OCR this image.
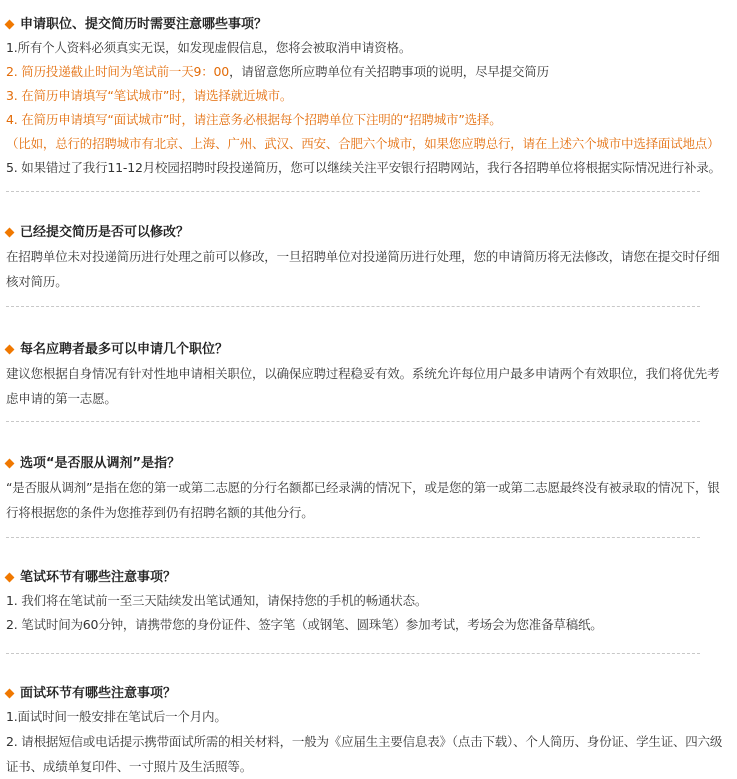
申请职位、提交简历时需要注意哪些事项？
1.所有个人资料必须真实无误，如发现虚假信息，您将会被取消申请资格。
2. 简历投递截止时间为笔试前一天9：00，请留意您所应聘单位有关招聘事项的说明，尽早提交简历
3. 在简历申请填写“笔试城市”时，请选择就近城市。
4. 在简历申请填写“面试城市”时，请注意务必根据每个招聘单位下注明的“招聘城市”选择。
（比如，总行的招聘城市有北京、上海、广州、武汉、西安、合肥六个城市，如果您应聘总行，请在上述六个城市中选择面试地点）
5. 如果错过了我行11-12月校园招聘时段投递简历，您可以继续关注平安银行招聘网站，我行各招聘单位将根据实际情况进行补录。
已经提交简历是否可以修改？
在招聘单位未对投递简历进行处理之前可以修改，一旦招聘单位对投递简历进行处理，您的申请简历将无法修改，请您在提交时仔细核对简历。
每名应聘者最多可以申请几个职位？
建议您根据自身情况有针对性地申请相关职位，以确保应聘过程稳妥有效。系统允许每位用户最多申请两个有效职位，我们将优先考虑申请的第一志愿。
选项“是否服从调剂”是指？
“是否服从调剂”是指在您的第一或第二志愿的分行名额都已经录满的情况下，或是您的第一或第二志愿最终没有被录取的情况下，银行将根据您的条件为您推荐到仍有招聘名额的其他分行。
笔试环节有哪些注意事项？
1. 我们将在笔试前一至三天陆续发出笔试通知，请保持您的手机的畅通状态。
2. 笔试时间为60分钟，请携带您的身份证件、签字笔（或钢笔、圆珠笔）参加考试，考场会为您准备草稿纸。
面试环节有哪些注意事项？
1.面试时间一般安排在笔试后一个月内。
2. 请根据短信或电话提示携带面试所需的相关材料，一般为《应届生主要信息表》（点击下载）、个人简历、身份证、学生证、四六级证书、成绩单复印件、一寸照片及生活照等。
